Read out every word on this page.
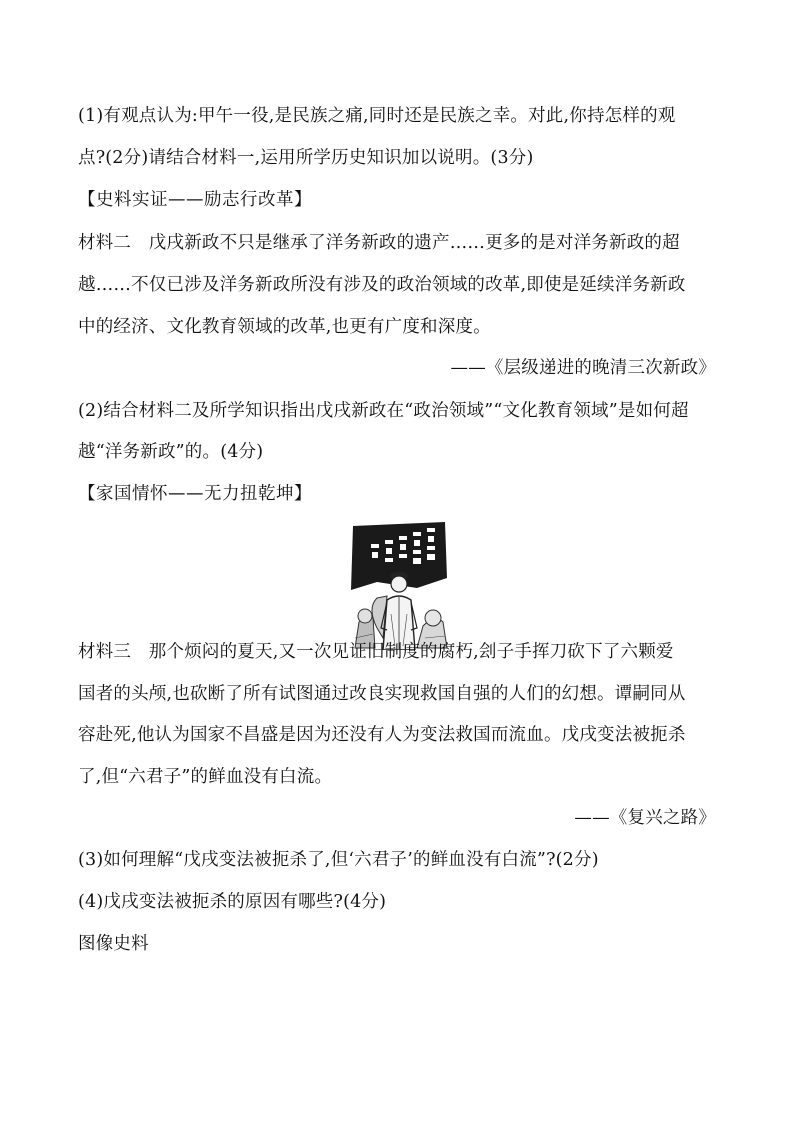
(1)有观点认为:甲午一役,是民族之痛,同时还是民族之幸。对此,你持怎样的观
点?(2分)请结合材料一,运用所学历史知识加以说明。(3分)
【史料实证——励志行改革】
材料二　戊戌新政不只是继承了洋务新政的遗产……更多的是对洋务新政的超
越……不仅已涉及洋务新政所没有涉及的政治领域的改革,即使是延续洋务新政
中的经济、文化教育领域的改革,也更有广度和深度。
——《层级递进的晚清三次新政》
(2)结合材料二及所学知识指出戊戌新政在“政治领域”“文化教育领域”是如何超
越“洋务新政”的。(4分)
【家国情怀——无力扭乾坤】
材料三　那个烦闷的夏天,又一次见证旧制度的腐朽,刽子手挥刀砍下了六颗爱
国者的头颅,也砍断了所有试图通过改良实现救国自强的人们的幻想。谭嗣同从
容赴死,他认为国家不昌盛是因为还没有人为变法救国而流血。戊戌变法被扼杀
了,但“六君子”的鲜血没有白流。
——《复兴之路》
(3)如何理解“戊戌变法被扼杀了,但‘六君子’的鲜血没有白流”?(2分)
(4)戊戌变法被扼杀的原因有哪些?(4分)
图像史料
